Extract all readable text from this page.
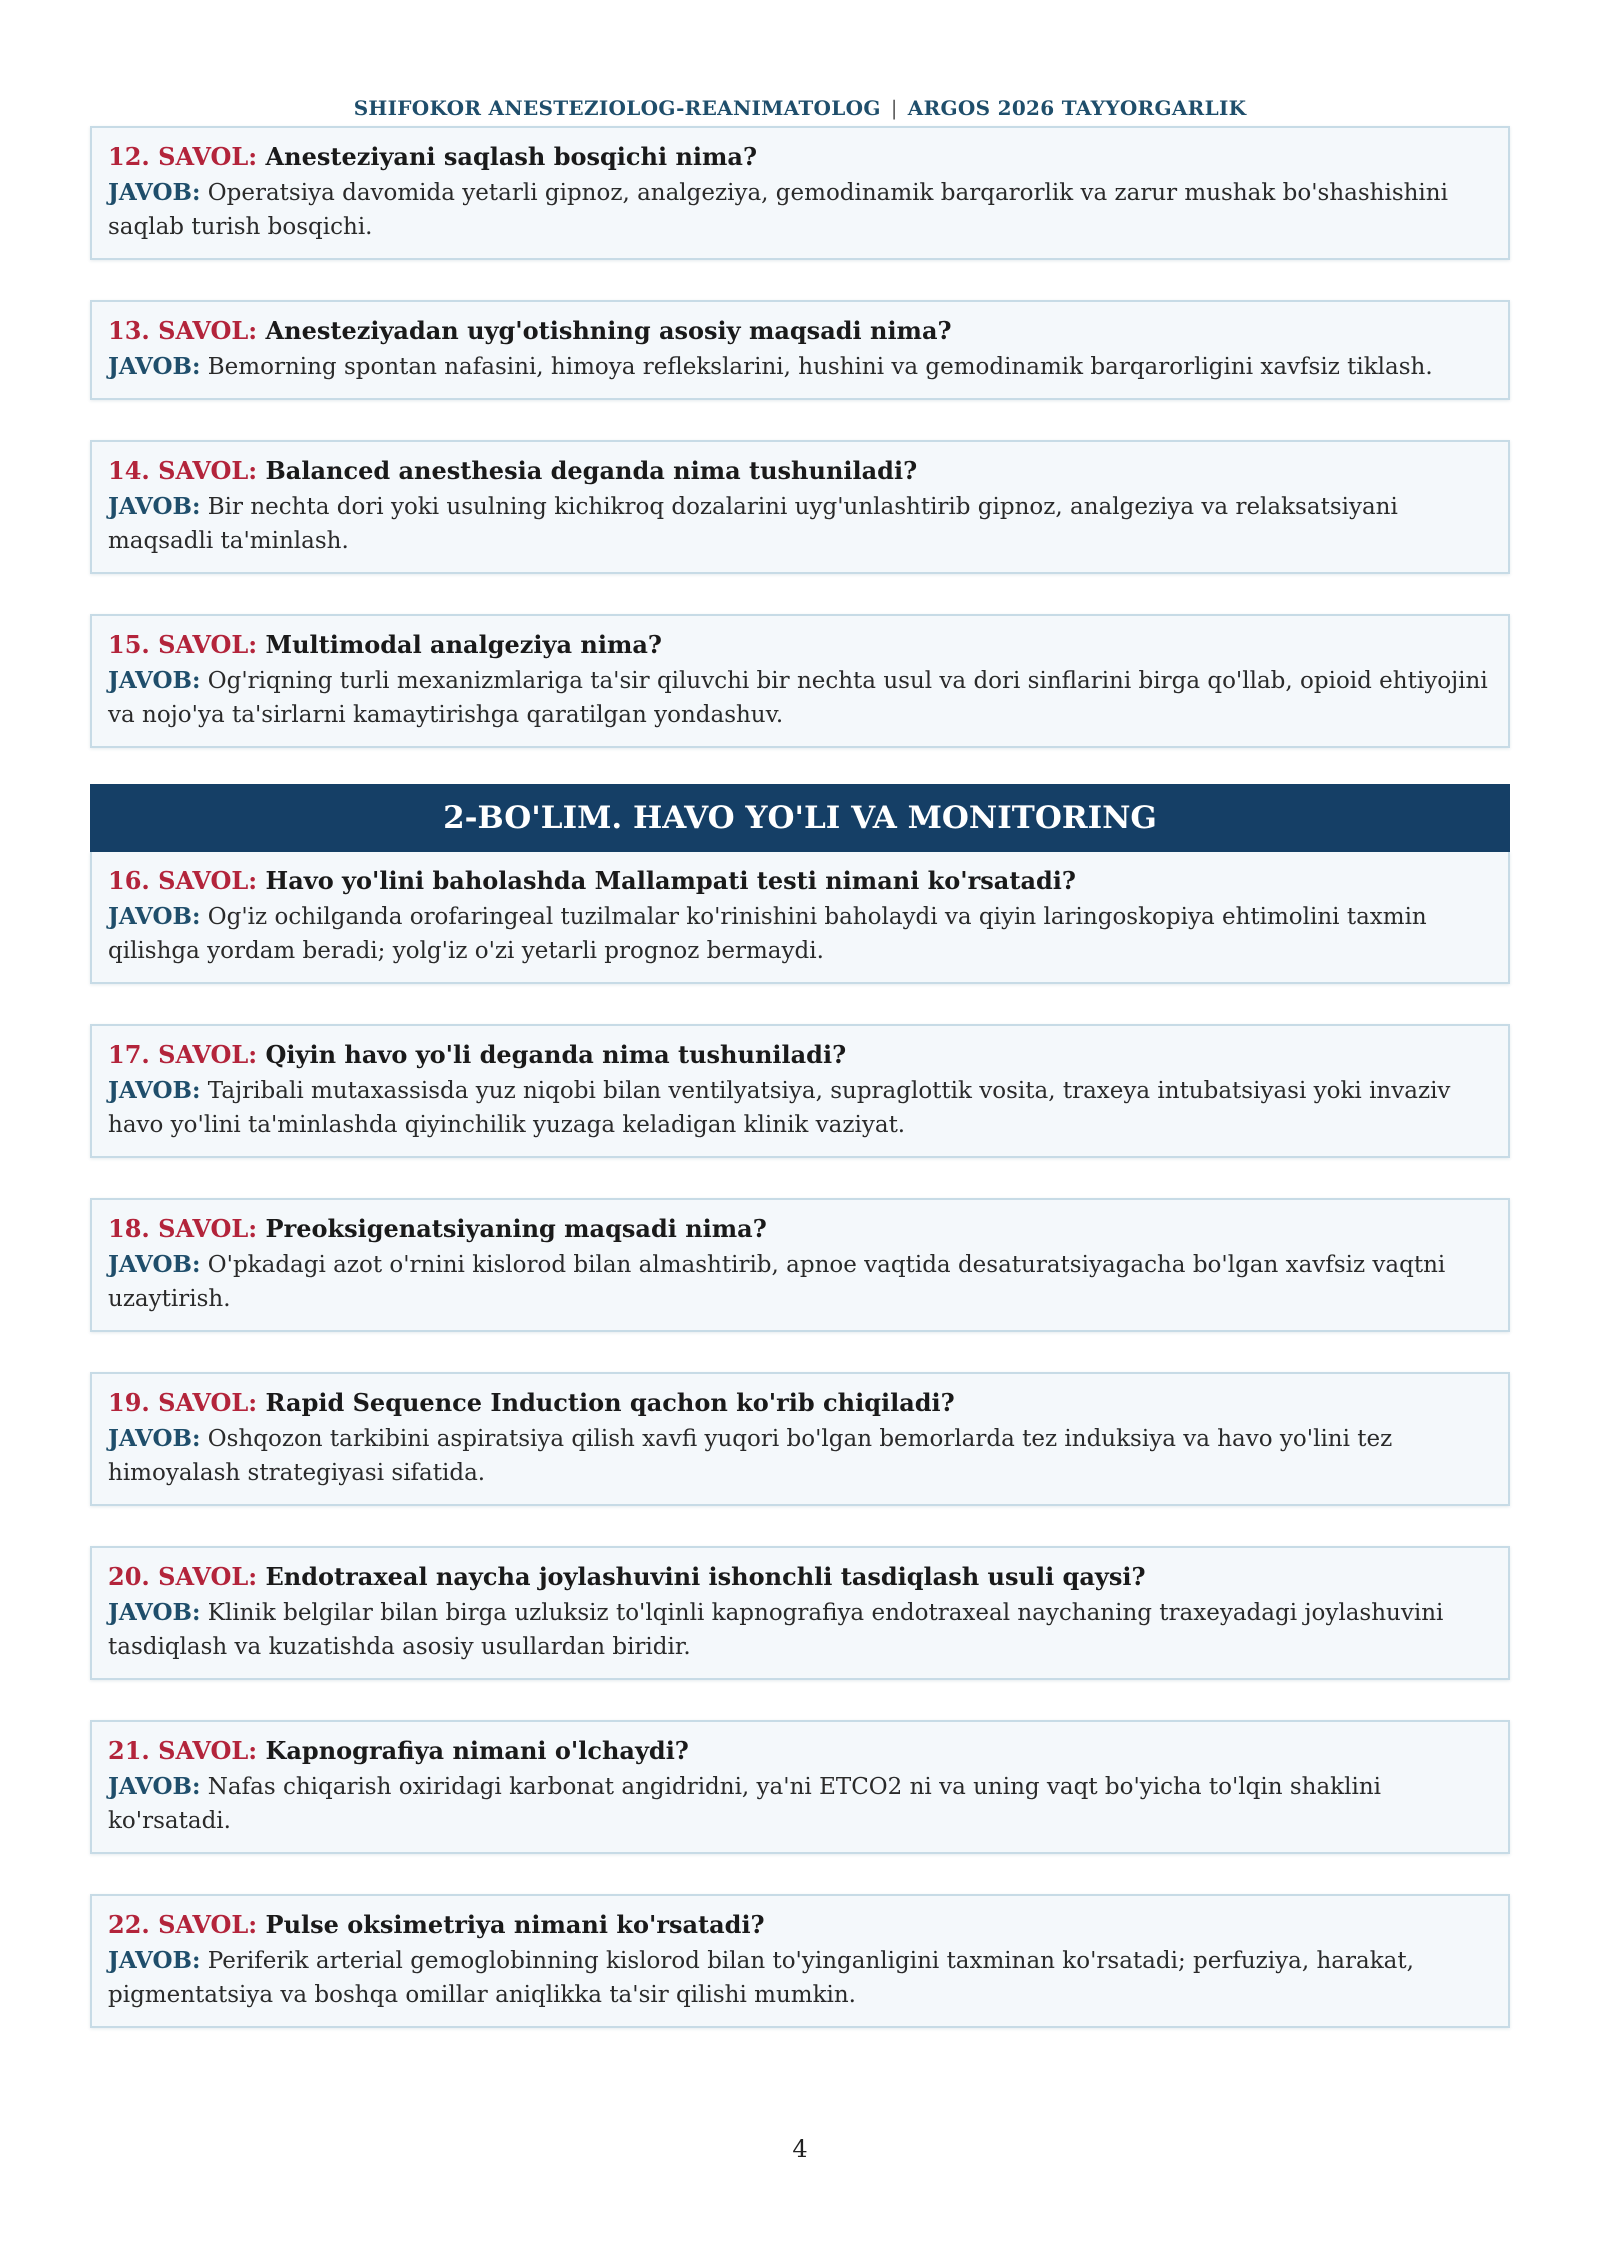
SHIFOKOR ANESTEZIOLOG-REANIMATOLOG | ARGOS 2026 TAYYORGARLIK
12. SAVOL: Anesteziyani saqlash bosqichi nima?
JAVOB: Operatsiya davomida yetarli gipnoz, analgeziya, gemodinamik barqarorlik va zarur mushak bo'shashishini saqlab turish bosqichi.
13. SAVOL: Anesteziyadan uyg'otishning asosiy maqsadi nima?
JAVOB: Bemorning spontan nafasini, himoya reflekslarini, hushini va gemodinamik barqarorligini xavfsiz tiklash.
14. SAVOL: Balanced anesthesia deganda nima tushuniladi?
JAVOB: Bir nechta dori yoki usulning kichikroq dozalarini uyg'unlashtirib gipnoz, analgeziya va relaksatsiyani maqsadli ta'minlash.
15. SAVOL: Multimodal analgeziya nima?
JAVOB: Og'riqning turli mexanizmlariga ta'sir qiluvchi bir nechta usul va dori sinflarini birga qo'llab, opioid ehtiyojini va nojo'ya ta'sirlarni kamaytirishga qaratilgan yondashuv.
2-BO'LIM. HAVO YO'LI VA MONITORING
16. SAVOL: Havo yo'lini baholashda Mallampati testi nimani ko'rsatadi?
JAVOB: Og'iz ochilganda orofaringeal tuzilmalar ko'rinishini baholaydi va qiyin laringoskopiya ehtimolini taxmin qilishga yordam beradi; yolg'iz o'zi yetarli prognoz bermaydi.
17. SAVOL: Qiyin havo yo'li deganda nima tushuniladi?
JAVOB: Tajribali mutaxassisda yuz niqobi bilan ventilyatsiya, supraglottik vosita, traxeya intubatsiyasi yoki invaziv havo yo'lini ta'minlashda qiyinchilik yuzaga keladigan klinik vaziyat.
18. SAVOL: Preoksigenatsiyaning maqsadi nima?
JAVOB: O'pkadagi azot o'rnini kislorod bilan almashtirib, apnoe vaqtida desaturatsiyagacha bo'lgan xavfsiz vaqtni uzaytirish.
19. SAVOL: Rapid Sequence Induction qachon ko'rib chiqiladi?
JAVOB: Oshqozon tarkibini aspiratsiya qilish xavfi yuqori bo'lgan bemorlarda tez induksiya va havo yo'lini tez himoyalash strategiyasi sifatida.
20. SAVOL: Endotraxeal naycha joylashuvini ishonchli tasdiqlash usuli qaysi?
JAVOB: Klinik belgilar bilan birga uzluksiz to'lqinli kapnografiya endotraxeal naychaning traxeyadagi joylashuvini tasdiqlash va kuzatishda asosiy usullardan biridir.
21. SAVOL: Kapnografiya nimani o'lchaydi?
JAVOB: Nafas chiqarish oxiridagi karbonat angidridni, ya'ni ETCO2 ni va uning vaqt bo'yicha to'lqin shaklini ko'rsatadi.
22. SAVOL: Pulse oksimetriya nimani ko'rsatadi?
JAVOB: Periferik arterial gemoglobinning kislorod bilan to'yinganligini taxminan ko'rsatadi; perfuziya, harakat, pigmentatsiya va boshqa omillar aniqlikka ta'sir qilishi mumkin.
4
